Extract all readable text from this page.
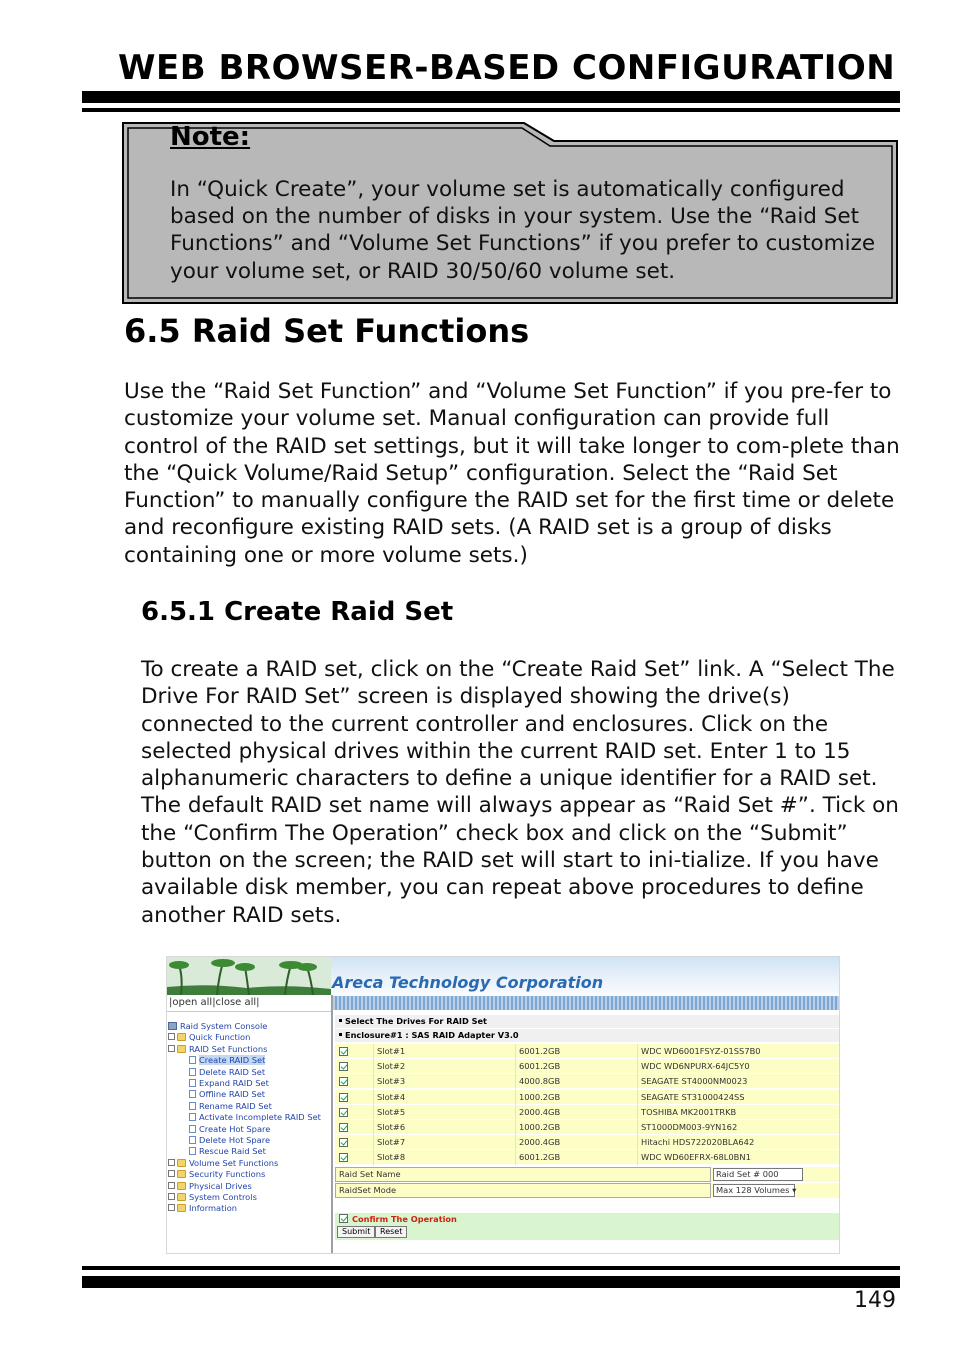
WEB BROWSER-BASED CONFIGURATION
Note:
In “Quick Create”, your volume set is automatically configured based on the number of disks in your system. Use the “Raid Set Functions” and “Volume Set Functions” if you prefer to customize your volume set, or RAID 30/50/60 volume set.
6.5 Raid Set Functions
Use the “Raid Set Function” and “Volume Set Function” if you pre-fer to customize your volume set. Manual configuration can provide full control of the RAID set settings, but it will take longer to com-plete than the “Quick Volume/Raid Setup” configuration. Select the “Raid Set Function” to manually configure the RAID set for the first time or delete and reconfigure existing RAID sets. (A RAID set is a group of disks containing one or more volume sets.)
6.5.1 Create Raid Set
To create a RAID set, click on the “Create Raid Set” link. A “Select The Drive For RAID Set” screen is displayed showing the drive(s) connected to the current controller and enclosures. Click on the selected physical drives within the current RAID set. Enter 1 to 15 alphanumeric characters to define a unique identifier for a RAID set. The default RAID set name will always appear as “Raid Set #”. Tick on the “Confirm The Operation” check box and click on the “Submit” button on the screen; the RAID set will start to ini-tialize. If you have available disk member, you can repeat above procedures to define another RAID sets.
Areca Technology Corporation
|open all|close all|
Raid System Console
Quick Function
RAID Set Functions
Create RAID Set
Delete RAID Set
Expand RAID Set
Offline RAID Set
Rename RAID Set
Activate Incomplete RAID Set
Create Hot Spare
Delete Hot Spare
Rescue Raid Set
Volume Set Functions
Security Functions
Physical Drives
System Controls
Information
Select The Drives For RAID Set
Enclosure#1 : SAS RAID Adapter V3.0
Slot#1	6001.2GB	WDC WD6001FSYZ-01SS7B0
Slot#2	6001.2GB	WDC WD6NPURX-64JC5Y0
Slot#3	4000.8GB	SEAGATE ST4000NM0023
Slot#4	1000.2GB	SEAGATE ST31000424SS
Slot#5	2000.4GB	TOSHIBA MK2001TRKB
Slot#6	1000.2GB	ST1000DM003-9YN162
Slot#7	2000.4GB	Hitachi HDS722020BLA642
Slot#8	6001.2GB	WDC WD60EFRX-68L0BN1
Raid Set Name	Raid Set # 000
RaidSet Mode	Max 128 Volumes ▾
Confirm The Operation
Submit	Reset
149
